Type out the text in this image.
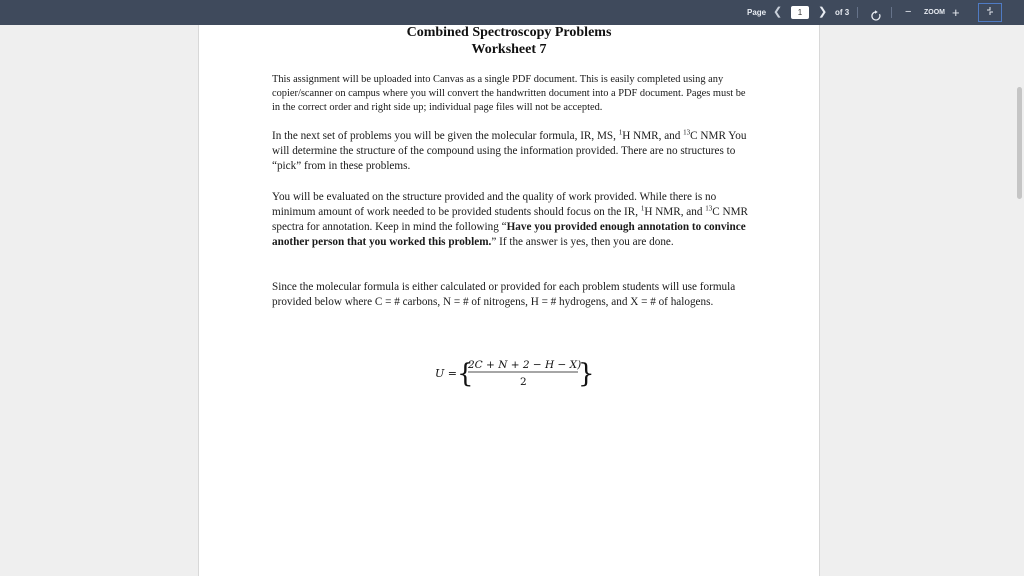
Page ❮
1	❯ of 3	− ZOOM +
Combined Spectroscopy Problems
Worksheet 7
This assignment will be uploaded into Canvas as a single PDF document. This is easily completed using any copier/scanner on campus where you will convert the handwritten document into a PDF document. Pages must be in the correct order and right side up; individual page files will not be accepted.
In the next set of problems you will be given the molecular formula, IR, MS, $^1$H NMR, and $^{13}$C NMR You will determine the structure of the compound using the information provided. There are no structures to “pick” from in these problems.
You will be evaluated on the structure provided and the quality of work provided. While there is no minimum amount of work needed to be provided students should focus on the IR, $^1$H NMR, and $^{13}$C NMR spectra for annotation. Keep in mind the following “Have you provided enough annotation to convince another person that you worked this problem.” If the answer is yes, then you are done.
Since the molecular formula is either calculated or provided for each problem students will use formula provided below where C = # carbons, N = # of nitrogens, H = # hydrogens, and X = # of halogens.
U = {
2C + N + 2 − H − X)
2 }
